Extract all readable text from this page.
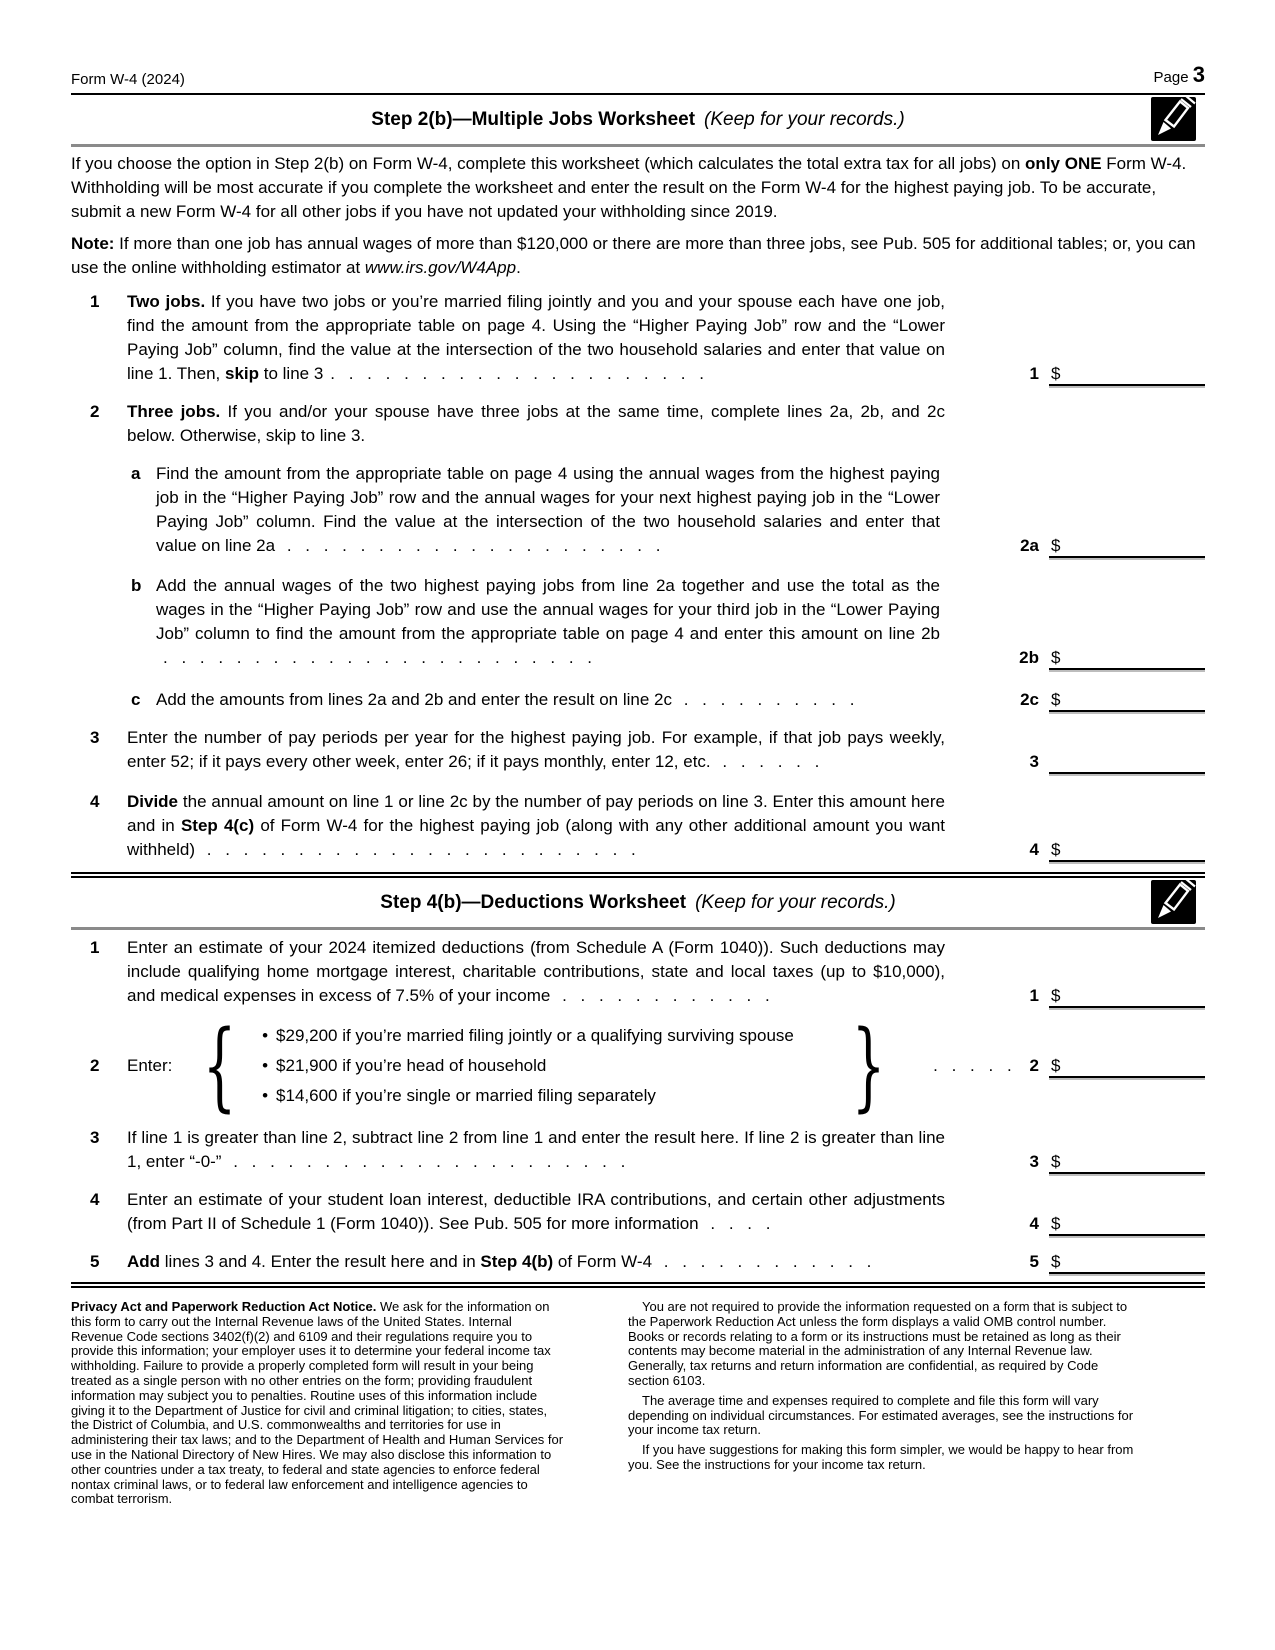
Form W-4 (2024)	Page 3
Step 2(b)—Multiple Jobs Worksheet (Keep for your records.)

If you choose the option in Step 2(b) on Form W-4, complete this worksheet (which calculates the total extra tax for all jobs) on only ONE Form W-4. Withholding will be most accurate if you complete the worksheet and enter the result on the Form W-4 for the highest paying job. To be accurate, submit a new Form W-4 for all other jobs if you have not updated your withholding since 2019.

Note: If more than one job has annual wages of more than $120,000 or there are more than three jobs, see Pub. 505 for additional tables; or, you can use the online withholding estimator at www.irs.gov/W4App.

1	Two jobs. If you have two jobs or you’re married filing jointly and you and your spouse each have one job, find the amount from the appropriate table on page 4. Using the “Higher Paying Job” row and the “Lower Paying Job” column, find the value at the intersection of the two household salaries and enter that value on line 1. Then, skip to line 3 . . . . . . . . . . . . . . . . . . . . .	1 $
2	Three jobs. If you and/or your spouse have three jobs at the same time, complete lines 2a, 2b, and 2c below. Otherwise, skip to line 3.
a Find the amount from the appropriate table on page 4 using the annual wages from the highest paying job in the “Higher Paying Job” row and the annual wages for your next highest paying job in the “Lower Paying Job” column. Find the value at the intersection of the two household salaries and enter that value on line 2a . . . . . . . . . . . . . . . . . . . . .	2a $
b Add the annual wages of the two highest paying jobs from line 2a together and use the total as the wages in the “Higher Paying Job” row and use the annual wages for your third job in the “Lower Paying Job” column to find the amount from the appropriate table on page 4 and enter this amount on line 2b . . . . . . . . . . . . . . . . . . . . . . . .	2b $
c Add the amounts from lines 2a and 2b and enter the result on line 2c . . . . . . . . . .	2c $
3	Enter the number of pay periods per year for the highest paying job. For example, if that job pays weekly, enter 52; if it pays every other week, enter 26; if it pays monthly, enter 12, etc. . . . . . .	3
4	Divide the annual amount on line 1 or line 2c by the number of pay periods on line 3. Enter this amount here and in Step 4(c) of Form W-4 for the highest paying job (along with any other additional amount you want withheld) . . . . . . . . . . . . . . . . . . . . . . . .	4 $
Step 4(b)—Deductions Worksheet (Keep for your records.)
1	Enter an estimate of your 2024 itemized deductions (from Schedule A (Form 1040)). Such deductions may include qualifying home mortgage interest, charitable contributions, state and local taxes (up to $10,000), and medical expenses in excess of 7.5% of your income . . . . . . . . . . . .	1 $
2	Enter: { • $29,200 if you’re married filing jointly or a qualifying surviving spouse
• $21,900 if you’re head of household
• $14,600 if you’re single or married filing separately	}	. . . . .	2 $
3	If line 1 is greater than line 2, subtract line 2 from line 1 and enter the result here. If line 2 is greater than line 1, enter “-0-” . . . . . . . . . . . . . . . . . . . . . .	3 $
4	Enter an estimate of your student loan interest, deductible IRA contributions, and certain other adjustments (from Part II of Schedule 1 (Form 1040)). See Pub. 505 for more information . . . .	4 $
5	Add lines 3 and 4. Enter the result here and in Step 4(b) of Form W-4 . . . . . . . . . . . .	5 $
Privacy Act and Paperwork Reduction Act Notice. We ask for the information on this form to carry out the Internal Revenue laws of the United States. Internal Revenue Code sections 3402(f)(2) and 6109 and their regulations require you to provide this information; your employer uses it to determine your federal income tax withholding. Failure to provide a properly completed form will result in your being treated as a single person with no other entries on the form; providing fraudulent information may subject you to penalties. Routine uses of this information include giving it to the Department of Justice for civil and criminal litigation; to cities, states, the District of Columbia, and U.S. commonwealths and territories for use in administering their tax laws; and to the Department of Health and Human Services for use in the National Directory of New Hires. We may also disclose this information to other countries under a tax treaty, to federal and state agencies to enforce federal nontax criminal laws, or to federal law enforcement and intelligence agencies to combat terrorism.

You are not required to provide the information requested on a form that is subject to the Paperwork Reduction Act unless the form displays a valid OMB control number. Books or records relating to a form or its instructions must be retained as long as their contents may become material in the administration of any Internal Revenue law. Generally, tax returns and return information are confidential, as required by Code section 6103.

The average time and expenses required to complete and file this form will vary depending on individual circumstances. For estimated averages, see the instructions for your income tax return.

If you have suggestions for making this form simpler, we would be happy to hear from you. See the instructions for your income tax return.
